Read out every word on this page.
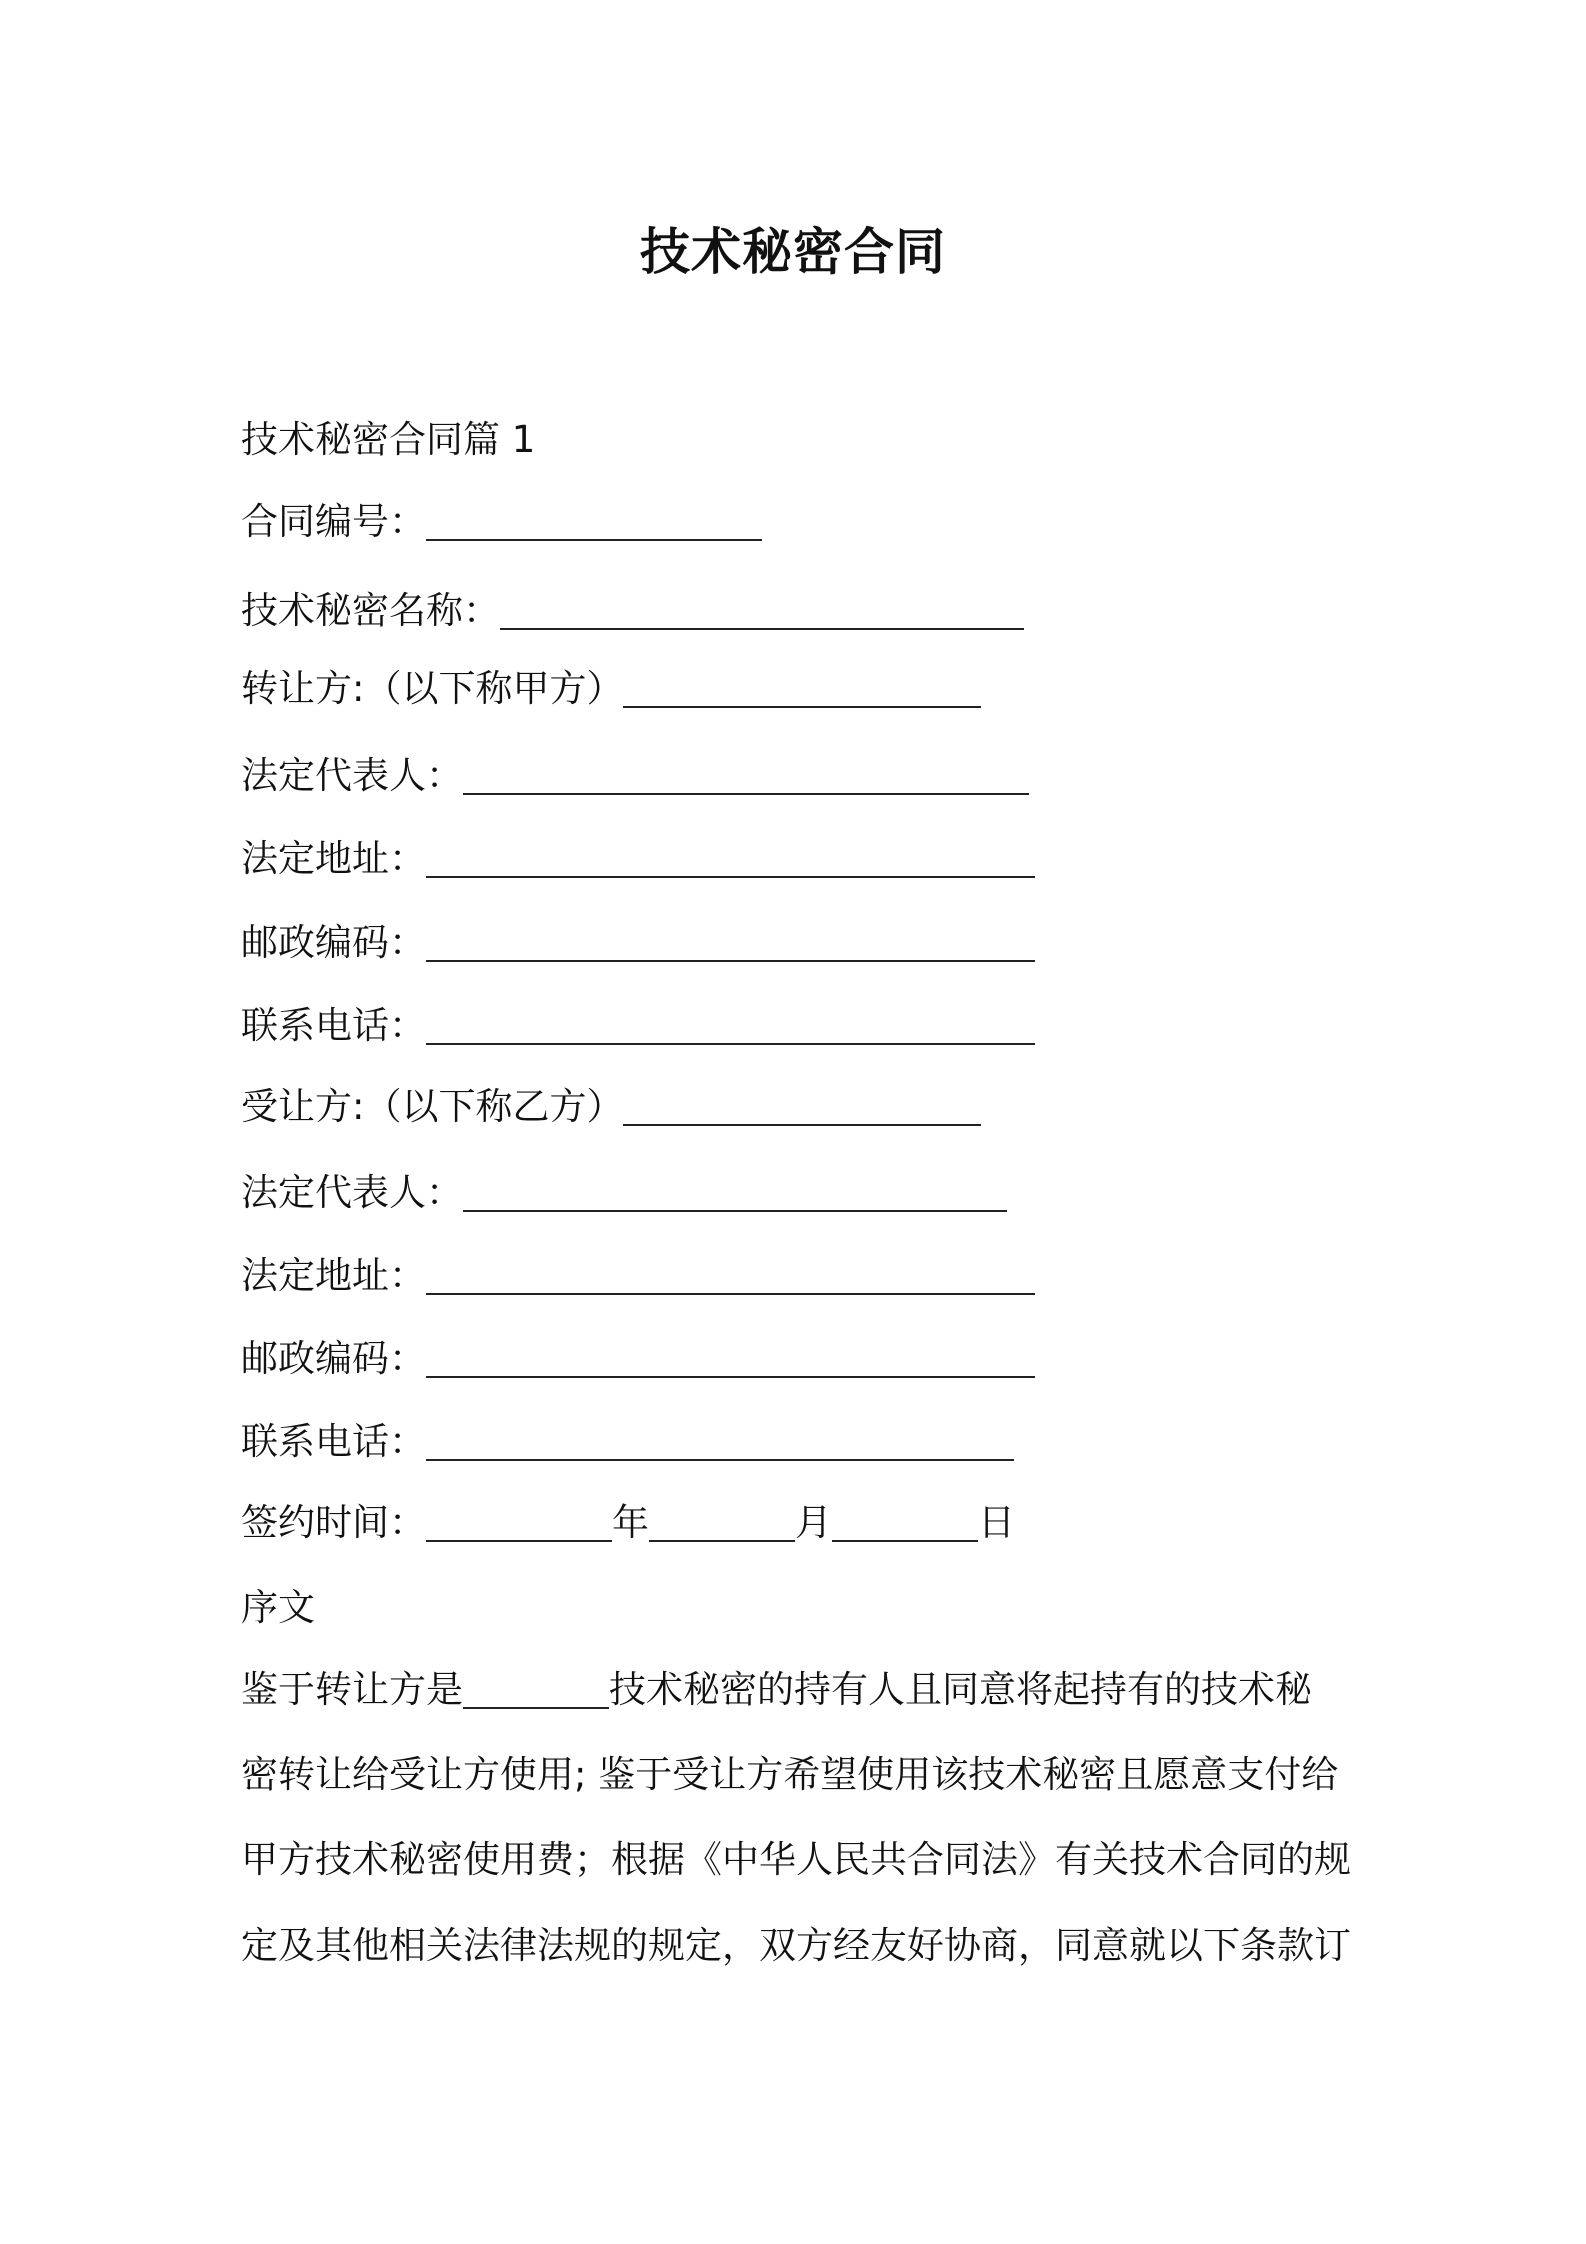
技术秘密合同
技术秘密合同篇 1
合同编号：
技术秘密名称：
转让方:（以下称甲方）
法定代表人：
法定地址：
邮政编码：
联系电话：
受让方:（以下称乙方）
法定代表人：
法定地址：
邮政编码：
联系电话：
签约时间：	年	月	日
序文
鉴于转让方是	技术秘密的持有人且同意将起持有的技术秘
密转让给受让方使用; 鉴于受让方希望使用该技术秘密且愿意支付给
甲方技术秘密使用费；根据《中华人民共合同法》有关技术合同的规
定及其他相关法律法规的规定，双方经友好协商，同意就以下条款订
